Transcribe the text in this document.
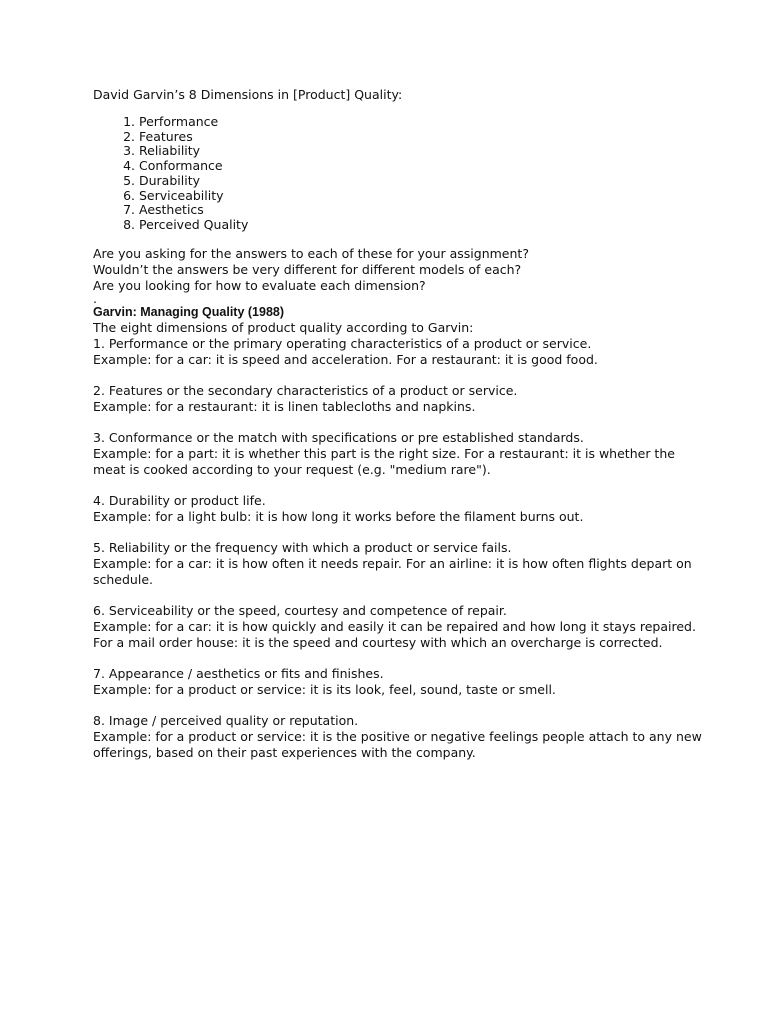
David Garvin’s 8 Dimensions in [Product] Quality:

1. Performance
2. Features
3. Reliability
4. Conformance
5. Durability
6. Serviceability
7. Aesthetics
8. Perceived Quality

Are you asking for the answers to each of these for your assignment?

Wouldn’t the answers be very different for different models of each?

Are you looking for how to evaluate each dimension?

.

Garvin: Managing Quality (1988)

The eight dimensions of product quality according to Garvin:

1. Performance or the primary operating characteristics of a product or service.

Example: for a car: it is speed and acceleration. For a restaurant: it is good food.

2. Features or the secondary characteristics of a product or service.

Example: for a restaurant: it is linen tablecloths and napkins.

3. Conformance or the match with specifications or pre established standards.

Example: for a part: it is whether this part is the right size. For a restaurant: it is whether the meat is cooked according to your request (e.g. "medium rare").

4. Durability or product life.

Example: for a light bulb: it is how long it works before the filament burns out.

5. Reliability or the frequency with which a product or service fails.

Example: for a car: it is how often it needs repair. For an airline: it is how often flights depart on schedule.

6. Serviceability or the speed, courtesy and competence of repair.

Example: for a car: it is how quickly and easily it can be repaired and how long it stays repaired. For a mail order house: it is the speed and courtesy with which an overcharge is corrected.

7. Appearance / aesthetics or fits and finishes.

Example: for a product or service: it is its look, feel, sound, taste or smell.

8. Image / perceived quality or reputation.

Example: for a product or service: it is the positive or negative feelings people attach to any new offerings, based on their past experiences with the company.
